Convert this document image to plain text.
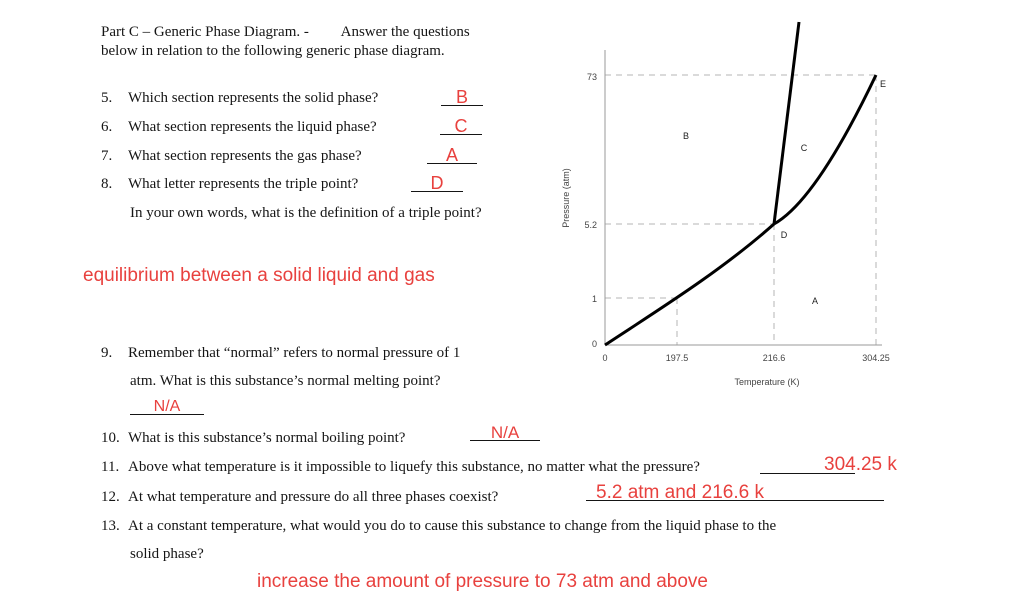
Part C – Generic Phase Diagram. - Answer the questions
below in relation to the following generic phase diagram.
5. Which section represents the solid phase?	B
6. What section represents the liquid phase?	C
7. What section represents the gas phase?	A
8. What letter represents the triple point?	D
In your own words, what is the definition of a triple point?
equilibrium between a solid liquid and gas
9. Remember that “normal” refers to normal pressure of 1
atm. What is this substance’s normal melting point?
N/A
10. What is this substance’s normal boiling point?	N/A
11. Above what temperature is it impossible to liquefy this substance, no matter what the pressure?	304.25 k
12. At what temperature and pressure do all three phases coexist?	5.2 atm and 216.6 k
13. At a constant temperature, what would you do to cause this substance to change from the liquid phase to the
solid phase?
increase the amount of pressure to 73 atm and above
73
5.2
1
0
0	197.5	216.6	304.25
B
C
D
A
E
Temperature (K)
Pressure (atm)
